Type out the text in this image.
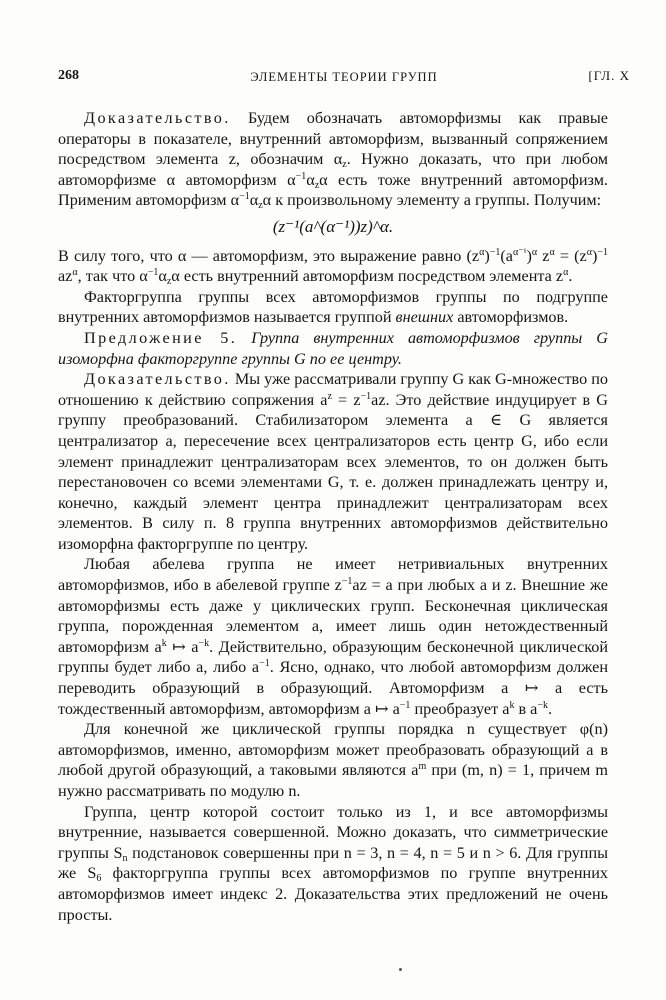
268	ЭЛЕМЕНТЫ ТЕОРИИ ГРУПП	[ГЛ. X

Доказательство. Будем обозначать автоморфизмы как правые операторы в показателе, внутренний автоморфизм, вызванный сопряжением посредством элемента z, обозначим $\alpha_z$. Нужно доказать, что при любом автоморфизме α автоморфизм $\alpha^{-1}\alpha_z\alpha$ есть тоже внутренний автоморфизм. Применим автоморфизм $\alpha^{-1}\alpha_z\alpha$ к произвольному элементу a группы. Получим:

(z⁻¹(a^(α⁻¹))z)^α.

В силу того, что α — автоморфизм, это выражение равно $(z^\alpha)^{-1}(a^{\alpha^{-1}})^\alpha$ $z^\alpha = (z^\alpha)^{-1}$ $az^\alpha$, так что $\alpha^{-1}\alpha_z\alpha$ есть внутренний автоморфизм посредством элемента $z^\alpha$.

Факторгруппа группы всех автоморфизмов группы по подгруппе внутренних автоморфизмов называется группой внешних автоморфизмов.

Предложение 5. Группа внутренних автоморфизмов группы G изоморфна факторгруппе группы G по ее центру.

Доказательство. Мы уже рассматривали группу G как G-множество по отношению к действию сопряжения $a^z = z^{-1}az$. Это действие индуцирует в G группу преобразований. Стабилизатором элемента a ∈ G является централизатор a, пересечение всех централизаторов есть центр G, ибо если элемент принадлежит централизаторам всех элементов, то он должен быть перестановочен со всеми элементами G, т. е. должен принадлежать центру и, конечно, каждый элемент центра принадлежит централизаторам всех элементов. В силу п. 8 группа внутренних автоморфизмов действительно изоморфна факторгруппе по центру.

Любая абелева группа не имеет нетривиальных внутренних автоморфизмов, ибо в абелевой группе $z^{-1}az = a$ при любых a и z. Внешние же автоморфизмы есть даже у циклических групп. Бесконечная циклическая группа, порожденная элементом a, имеет лишь один нетождественный автоморфизм $a^k$ ↦ $a^{-k}$. Действительно, образующим бесконечной циклической группы будет либо a, либо $a^{-1}$. Ясно, однако, что любой автоморфизм должен переводить образующий в образующий. Автоморфизм a ↦ a есть тождественный автоморфизм, автоморфизм a ↦ $a^{-1}$ преобразует $a^k$ в $a^{-k}$.

Для конечной же циклической группы порядка n существует φ(n) автоморфизмов, именно, автоморфизм может преобразовать образующий a в любой другой образующий, а таковыми являются $a^m$ при (m, n) = 1, причем m нужно рассматривать по модулю n.

Группа, центр которой состоит только из 1, и все автоморфизмы внутренние, называется совершенной. Можно доказать, что симметрические группы $S_n$ подстановок совершенны при n = 3, n = 4, n = 5 и n > 6. Для группы же $S_6$ факторгруппа группы всех автоморфизмов по группе внутренних автоморфизмов имеет индекс 2. Доказательства этих предложений не очень просты.
